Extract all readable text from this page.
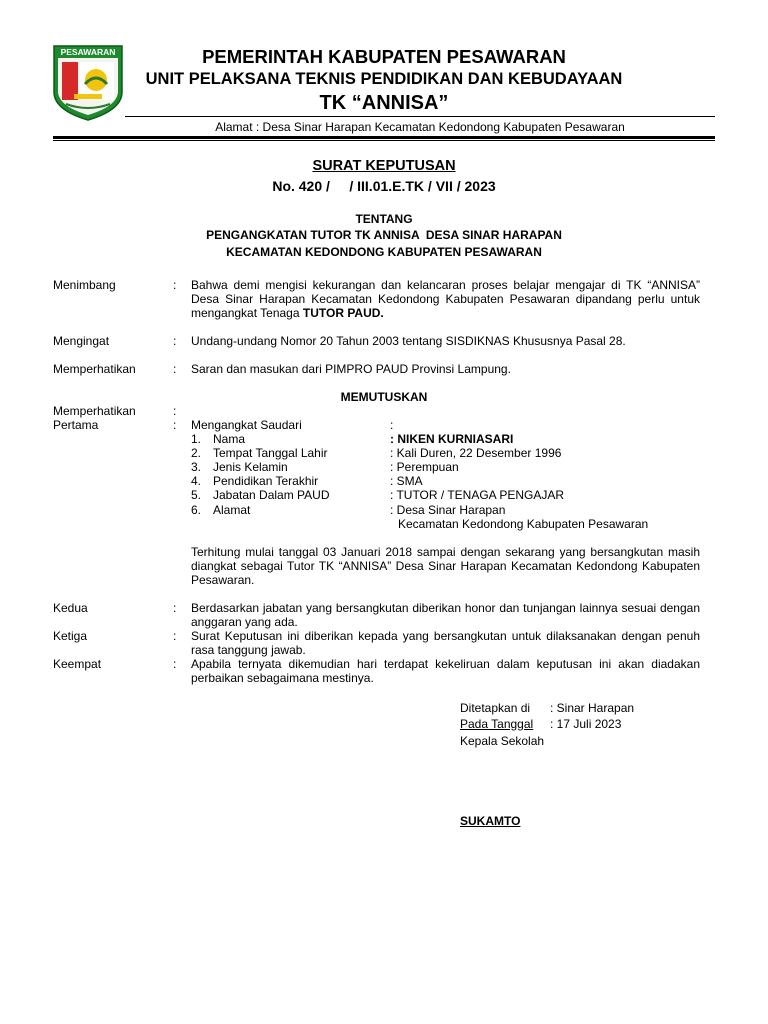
PESAWARAN	PEMERINTAH KABUPATEN PESAWARAN
UNIT PELAKSANA TEKNIS PENDIDIKAN DAN KEBUDAYAAN
TK “ANNISA”
Alamat : Desa Sinar Harapan Kecamatan Kedondong Kabupaten Pesawaran
SURAT KEPUTUSAN
No. 420 /     / III.01.E.TK / VII / 2023
TENTANG
PENGANGKATAN TUTOR TK ANNISA  DESA SINAR HARAPAN
KECAMATAN KEDONDONG KABUPATEN PESAWARAN
Menimbang	: Bahwa demi mengisi kekurangan dan kelancaran proses belajar mengajar di TK “ANNISA” Desa Sinar Harapan Kecamatan Kedondong Kabupaten Pesawaran dipandang perlu untuk mengangkat Tenaga TUTOR PAUD.
Mengingat	: Undang-undang Nomor 20 Tahun 2003 tentang SISDIKNAS Khususnya Pasal 28.
Memperhatikan	: Saran dan masukan dari PIMPRO PAUD Provinsi Lampung.
MEMUTUSKAN
Memperhatikan	:
Pertama	: Mengangkat Saudari	:
1. Nama	: NIKEN KURNIASARI
2. Tempat Tanggal Lahir	: Kali Duren, 22 Desember 1996
3. Jenis Kelamin	: Perempuan
4. Pendidikan Terakhir	: SMA
5. Jabatan Dalam PAUD	: TUTOR / TENAGA PENGAJAR
6. Alamat	: Desa Sinar Harapan
Kecamatan Kedondong Kabupaten Pesawaran
Terhitung mulai tanggal 03 Januari 2018 sampai dengan sekarang yang bersangkutan masih diangkat sebagai Tutor TK “ANNISA” Desa Sinar Harapan Kecamatan Kedondong Kabupaten Pesawaran.
Kedua	: Berdasarkan jabatan yang bersangkutan diberikan honor dan tunjangan lainnya sesuai dengan anggaran yang ada.
Ketiga	: Surat Keputusan ini diberikan kepada yang bersangkutan untuk dilaksanakan dengan penuh rasa tanggung jawab.
Keempat	: Apabila ternyata dikemudian hari terdapat kekeliruan dalam keputusan ini akan diadakan perbaikan sebagaimana mestinya.
Ditetapkan di : Sinar Harapan
Pada Tanggal : 17 Juli 2023
Kepala Sekolah
SUKAMTO
